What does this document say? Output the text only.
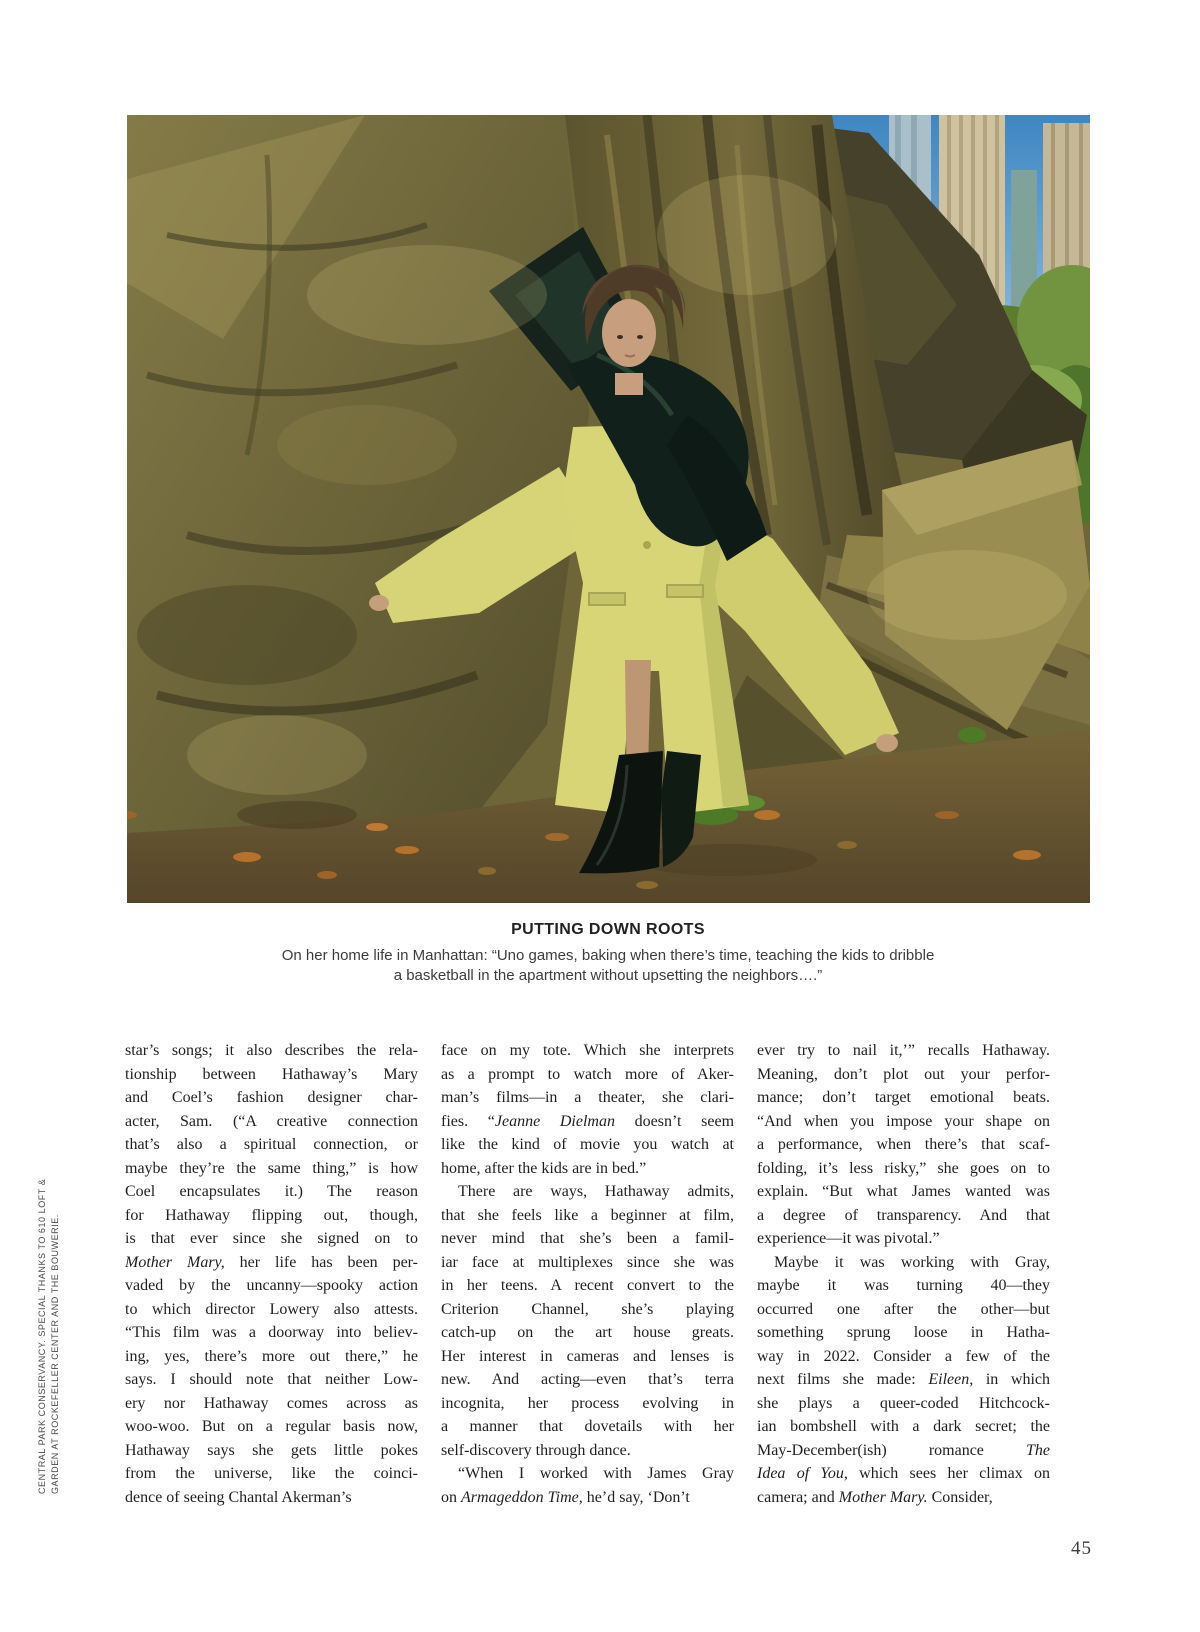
CENTRAL PARK CONSERVANCY. SPECIAL THANKS TO 610 LOFT & GARDEN AT ROCKEFELLER CENTER AND THE BOUWERIE.
PUTTING DOWN ROOTS
On her home life in Manhattan: “Uno games, baking when there’s time, teaching the kids to dribble
a basketball in the apartment without upsetting the neighbors….”
star’s songs; it also describes the rela-
tionship between Hathaway’s Mary
and Coel’s fashion designer char-
acter, Sam. (“A creative connection
that’s also a spiritual connection, or
maybe they’re the same thing,” is how
Coel encapsulates it.) The reason
for Hathaway flipping out, though,
is that ever since she signed on to
Mother Mary, her life has been per-
vaded by the uncanny—spooky action
to which director Lowery also attests.
“This film was a doorway into believ-
ing, yes, there’s more out there,” he
says. I should note that neither Low-
ery nor Hathaway comes across as
woo-woo. But on a regular basis now,
Hathaway says she gets little pokes
from the universe, like the coinci-
dence of seeing Chantal Akerman’s
face on my tote. Which she interprets
as a prompt to watch more of Aker-
man’s films—in a theater, she clari-
fies. “Jeanne Dielman doesn’t seem
like the kind of movie you watch at
home, after the kids are in bed.”
There are ways, Hathaway admits,
that she feels like a beginner at film,
never mind that she’s been a famil-
iar face at multiplexes since she was
in her teens. A recent convert to the
Criterion Channel, she’s playing
catch-up on the art house greats.
Her interest in cameras and lenses is
new. And acting—even that’s terra
incognita, her process evolving in
a manner that dovetails with her
self-discovery through dance.
“When I worked with James Gray
on Armageddon Time, he’d say, ‘Don’t
ever try to nail it,’” recalls Hathaway.
Meaning, don’t plot out your perfor-
mance; don’t target emotional beats.
“And when you impose your shape on
a performance, when there’s that scaf-
folding, it’s less risky,” she goes on to
explain. “But what James wanted was
a degree of transparency. And that
experience—it was pivotal.”
Maybe it was working with Gray,
maybe it was turning 40—they
occurred one after the other—but
something sprung loose in Hatha-
way in 2022. Consider a few of the
next films she made: Eileen, in which
she plays a queer-coded Hitchcock-
ian bombshell with a dark secret; the
May-December(ish) romance The
Idea of You, which sees her climax on
camera; and Mother Mary. Consider,
45
